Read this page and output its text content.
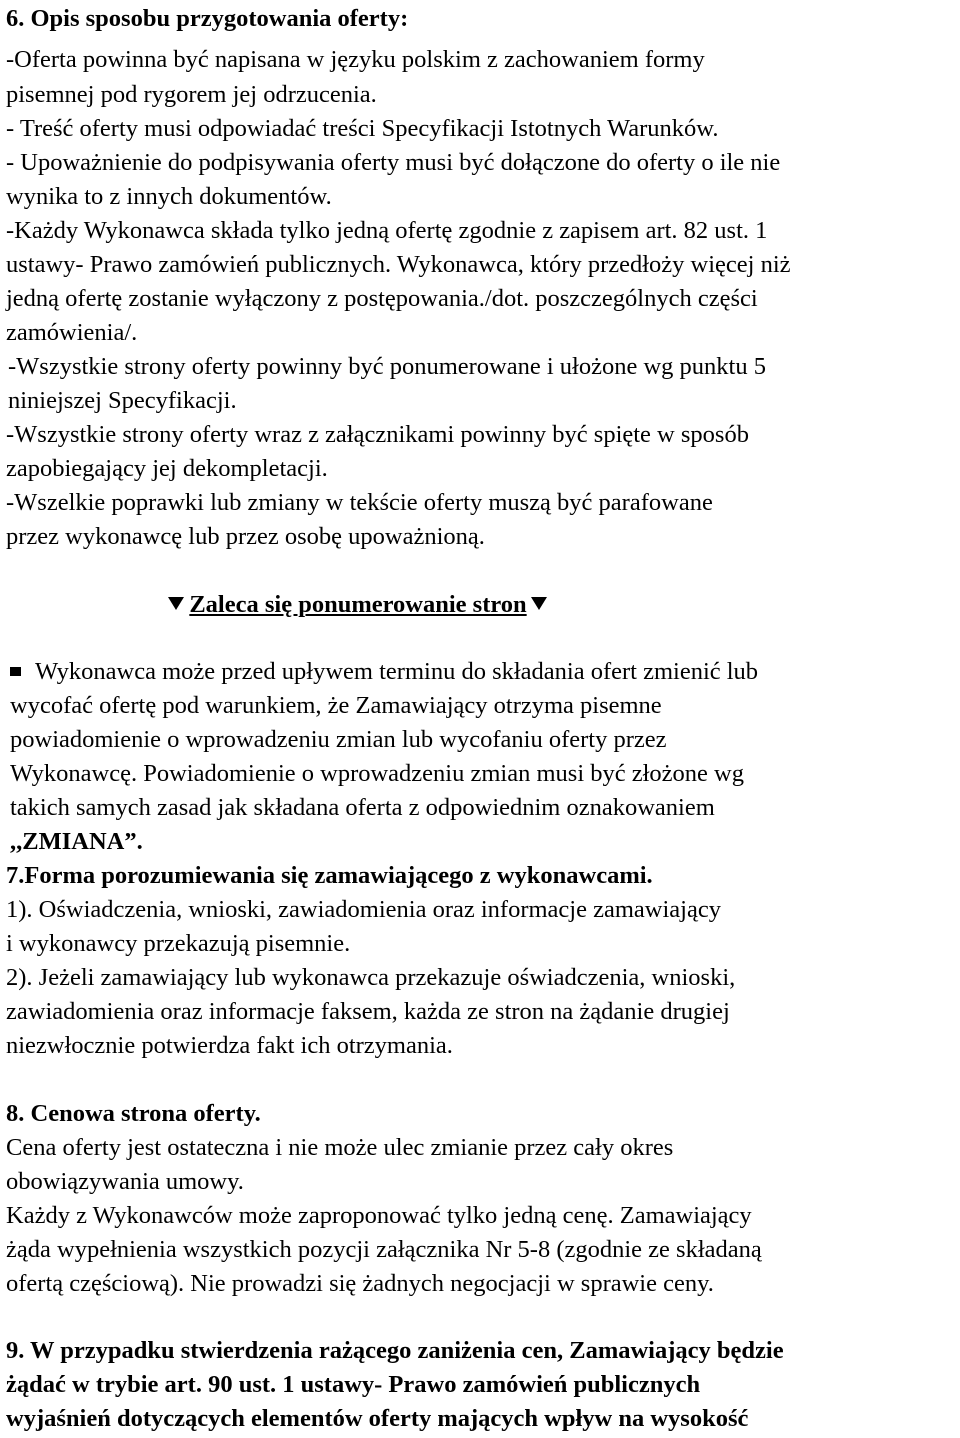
6. Opis sposobu przygotowania oferty:
-Oferta powinna być napisana w języku polskim z zachowaniem formy
pisemnej pod rygorem jej odrzucenia.
- Treść oferty musi odpowiadać treści Specyfikacji Istotnych Warunków.
- Upoważnienie do podpisywania oferty musi być dołączone do oferty o ile nie
wynika to z innych dokumentów.
-Każdy Wykonawca składa tylko jedną ofertę zgodnie z zapisem art. 82 ust. 1
ustawy- Prawo zamówień publicznych. Wykonawca, który przedłoży więcej niż
jedną ofertę zostanie wyłączony z postępowania./dot. poszczególnych części
zamówienia/.
-Wszystkie strony oferty powinny być ponumerowane i ułożone wg punktu 5
niniejszej Specyfikacji.
-Wszystkie strony oferty wraz z załącznikami powinny być spięte w sposób
zapobiegający jej dekompletacji.
-Wszelkie poprawki lub zmiany w tekście oferty muszą być parafowane
przez wykonawcę lub przez osobę upoważnioną.
Zaleca się ponumerowanie stron
Wykonawca może przed upływem terminu do składania ofert zmienić lub
wycofać ofertę pod warunkiem, że Zamawiający otrzyma pisemne
powiadomienie o wprowadzeniu zmian lub wycofaniu oferty przez
Wykonawcę. Powiadomienie o wprowadzeniu zmian musi być złożone wg
takich samych zasad jak składana oferta z odpowiednim oznakowaniem
,,ZMIANA”.
7.Forma porozumiewania się zamawiającego z wykonawcami.
1). Oświadczenia, wnioski, zawiadomienia oraz informacje zamawiający
i wykonawcy przekazują pisemnie.
2). Jeżeli zamawiający lub wykonawca przekazuje oświadczenia, wnioski,
zawiadomienia oraz informacje faksem, każda ze stron na żądanie drugiej
niezwłocznie potwierdza fakt ich otrzymania.
8. Cenowa strona oferty.
Cena oferty jest ostateczna i nie może ulec zmianie przez cały okres
obowiązywania umowy.
Każdy z Wykonawców może zaproponować tylko jedną cenę. Zamawiający
żąda wypełnienia wszystkich pozycji załącznika Nr 5-8 (zgodnie ze składaną
ofertą częściową). Nie prowadzi się żadnych negocjacji w sprawie ceny.
9. W przypadku stwierdzenia rażącego zaniżenia cen, Zamawiający będzie
żądać w trybie art. 90 ust. 1 ustawy- Prawo zamówień publicznych
wyjaśnień dotyczących elementów oferty mających wpływ na wysokość
